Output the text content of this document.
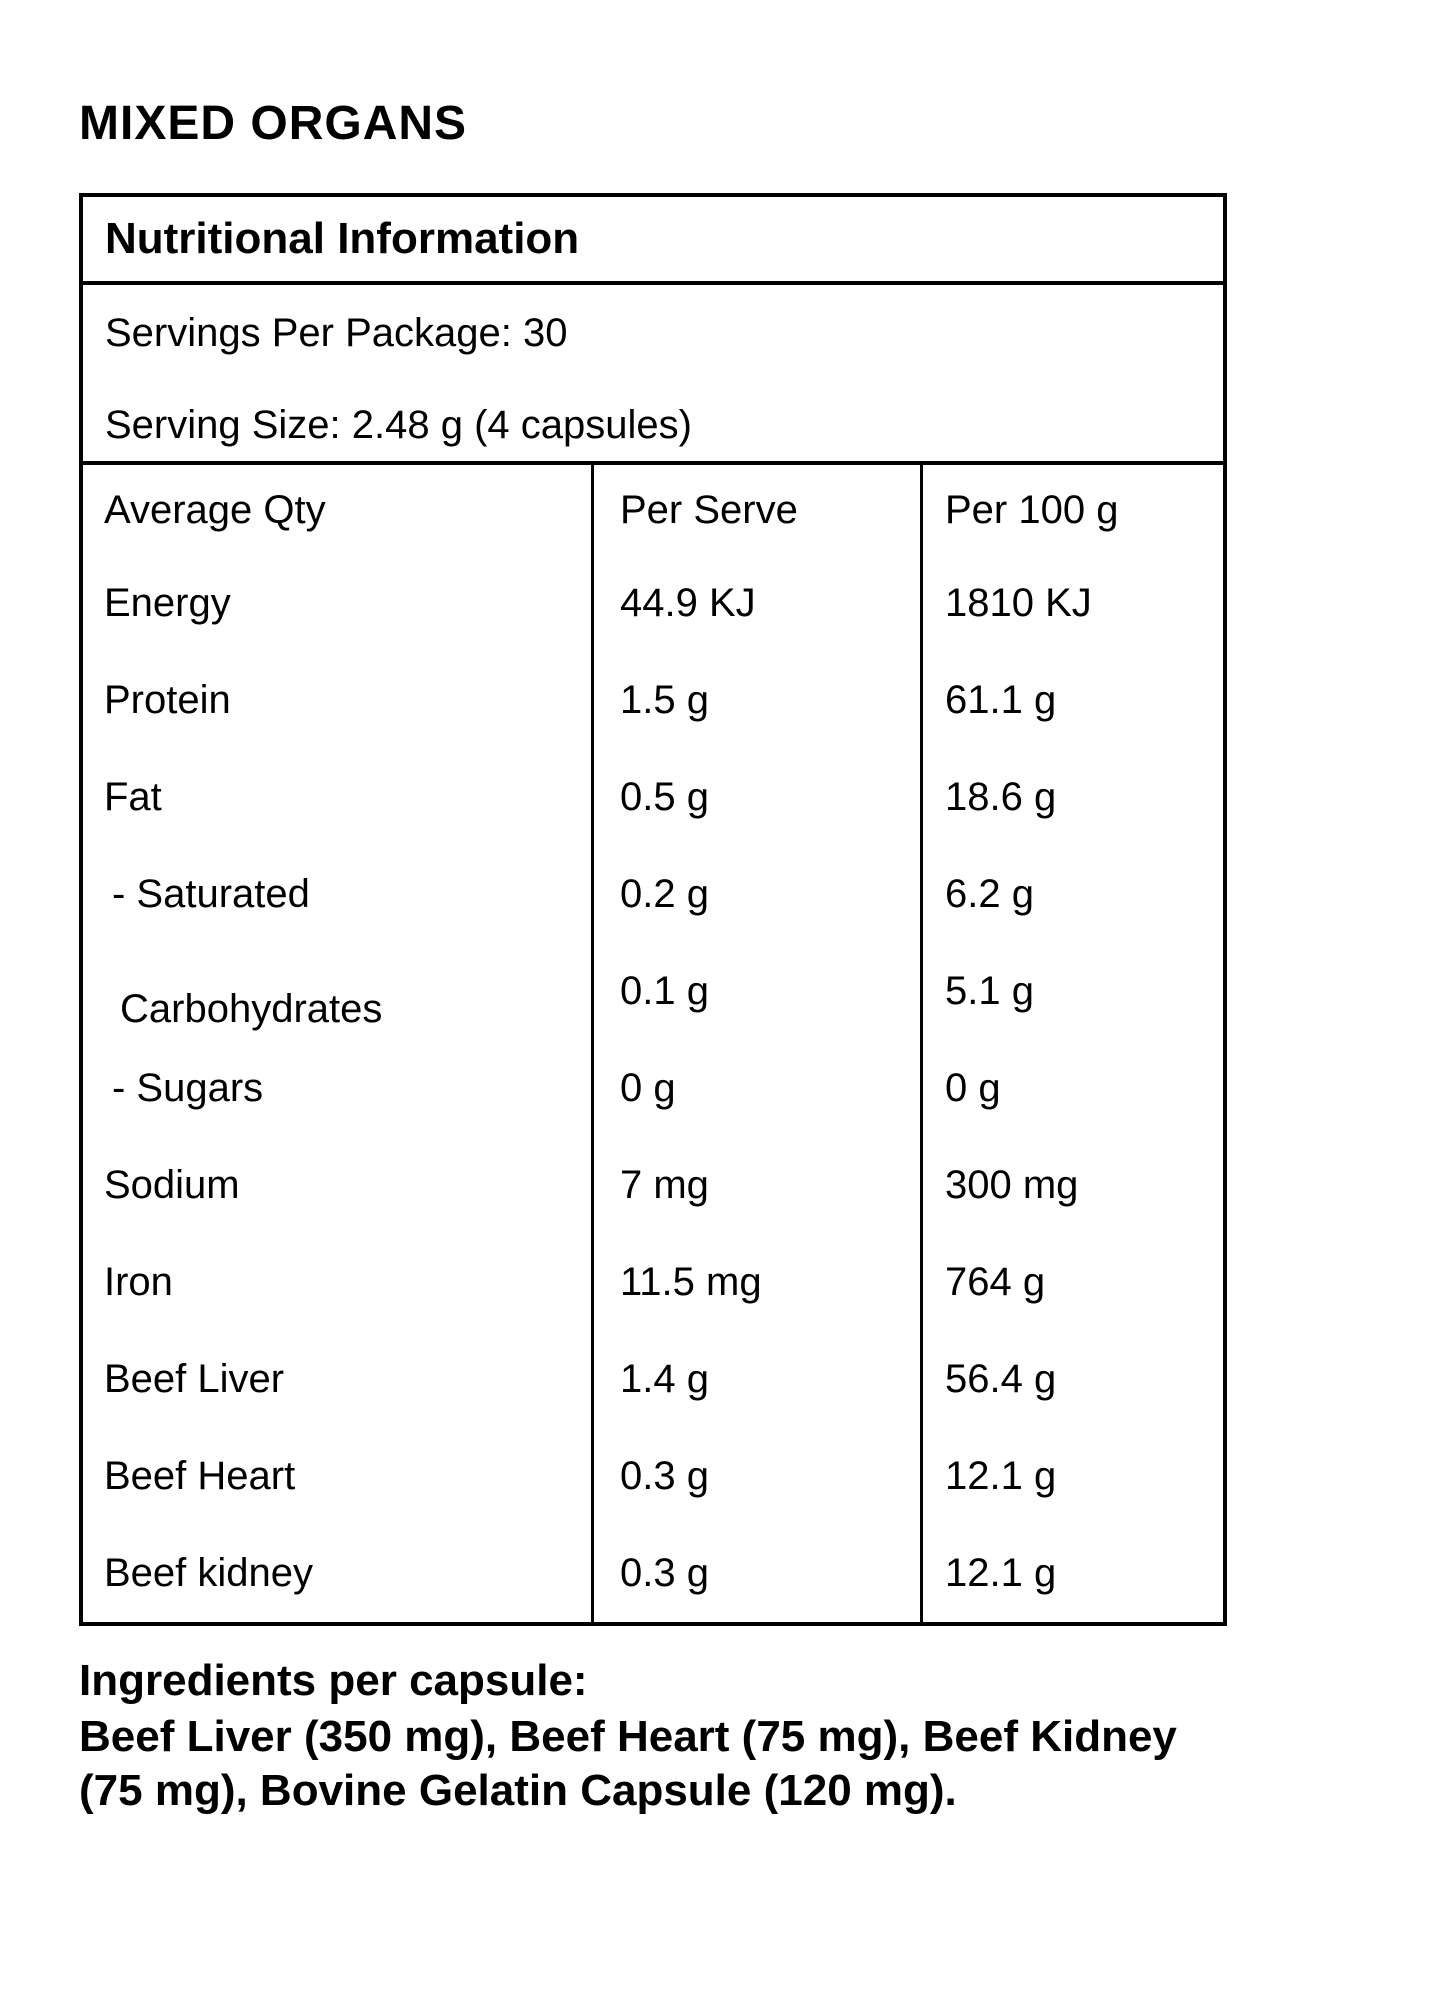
MIXED ORGANS
Nutritional Information
Servings Per Package: 30
Serving Size: 2.48 g (4 capsules)
Average Qty	Per Serve	Per 100 g
Energy	44.9 KJ	1810 KJ
Protein	1.5 g	61.1 g
Fat	0.5 g	18.6 g
- Saturated	0.2 g	6.2 g
Carbohydrates	0.1 g	5.1 g
- Sugars	0 g	0 g
Sodium	7 mg	300 mg
Iron	11.5 mg	764 g
Beef Liver	1.4 g	56.4 g
Beef Heart	0.3 g	12.1 g
Beef kidney	0.3 g	12.1 g
Ingredients per capsule:
Beef Liver (350 mg), Beef Heart (75 mg), Beef Kidney
(75 mg), Bovine Gelatin Capsule (120 mg).
